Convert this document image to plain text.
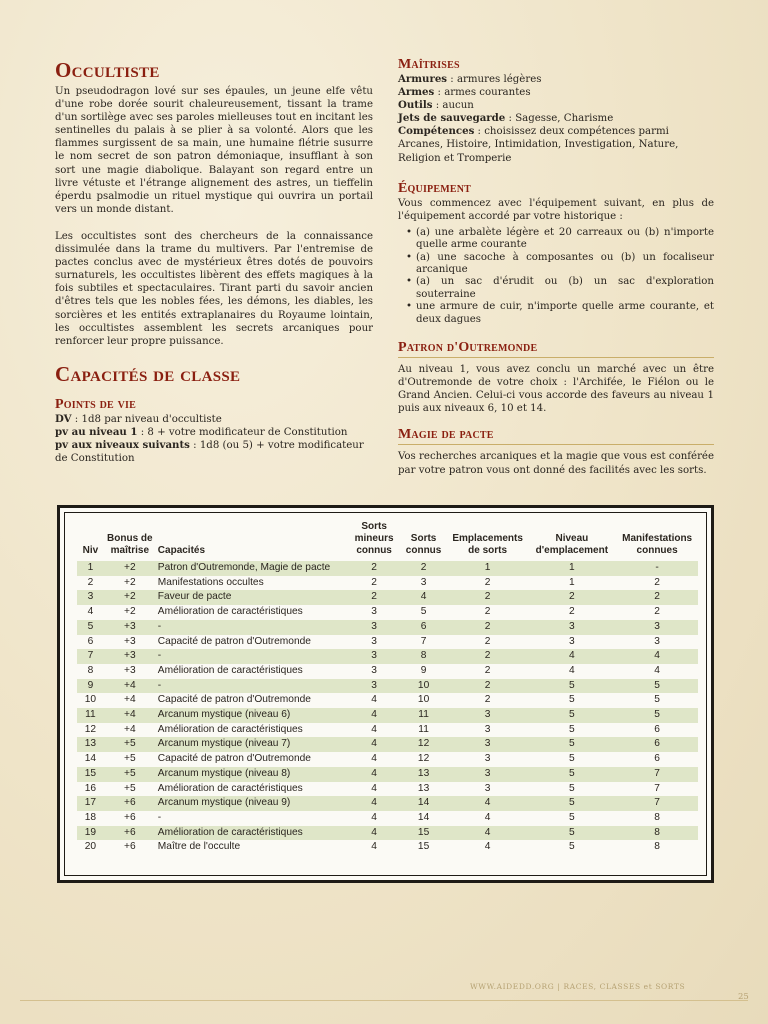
Occultiste

Un pseudodragon lové sur ses épaules, un jeune elfe vêtu d'une robe dorée sourit chaleureusement, tissant la trame d'un sortilège avec ses paroles mielleuses tout en incitant les sentinelles du palais à se plier à sa volonté. Alors que les flammes surgissent de sa main, une humaine flétrie susurre le nom secret de son patron démoniaque, insufflant à son sort une magie diabolique. Balayant son regard entre un livre vétuste et l'étrange alignement des astres, un tieffelin éperdu psalmodie un rituel mystique qui ouvrira un portail vers un monde distant.

Les occultistes sont des chercheurs de la connaissance dissimulée dans la trame du multivers. Par l'entremise de pactes conclus avec de mystérieux êtres dotés de pouvoirs surnaturels, les occultistes libèrent des effets magiques à la fois subtiles et spectaculaires. Tirant parti du savoir ancien d'êtres tels que les nobles fées, les démons, les diables, les sorcières et les entités extraplanaires du Royaume lointain, les occultistes assemblent les secrets arcaniques pour renforcer leur propre puissance.

Capacités de classe
Points de vie

DV : 1d8 par niveau d'occultiste

pv au niveau 1 : 8 + votre modificateur de Constitution

pv aux niveaux suivants : 1d8 (ou 5) + votre modificateur de Constitution

Maîtrises

Armures : armures légères

Armes : armes courantes

Outils : aucun

Jets de sauvegarde : Sagesse, Charisme

Compétences : choisissez deux compétences parmi Arcanes, Histoire, Intimidation, Investigation, Nature, Religion et Tromperie

Équipement

Vous commencez avec l'équipement suivant, en plus de l'équipement accordé par votre historique :

• (a) une arbalète légère et 20 carreaux ou (b) n'importe quelle arme courante
• (a) une sacoche à composantes ou (b) un focaliseur arcanique
• (a) un sac d'érudit ou (b) un sac d'exploration souterraine
• une armure de cuir, n'importe quelle arme courante, et deux dagues
Patron d'Outremonde

Au niveau 1, vous avez conclu un marché avec un être d'Outremonde de votre choix : l'Archifée, le Fiélon ou le Grand Ancien. Celui-ci vous accorde des faveurs au niveau 1 puis aux niveaux 6, 10 et 14.

Magie de pacte

Vos recherches arcaniques et la magie que vous est conférée par votre patron vous ont donné des facilités avec les sorts.

Niv	Bonus de maîtrise	Capacités	Sorts mineurs connus	Sorts connus	Emplacements de sorts	Niveau d'emplacement	Manifestations connues
1	+2	Patron d'Outremonde, Magie de pacte	2	2	1	1	-
2	+2	Manifestations occultes	2	3	2	1	2
3	+2	Faveur de pacte	2	4	2	2	2
4	+2	Amélioration de caractéristiques	3	5	2	2	2
5	+3	-	3	6	2	3	3
6	+3	Capacité de patron d'Outremonde	3	7	2	3	3
7	+3	-	3	8	2	4	4
8	+3	Amélioration de caractéristiques	3	9	2	4	4
9	+4	-	3	10	2	5	5
10	+4	Capacité de patron d'Outremonde	4	10	2	5	5
11	+4	Arcanum mystique (niveau 6)	4	11	3	5	5
12	+4	Amélioration de caractéristiques	4	11	3	5	6
13	+5	Arcanum mystique (niveau 7)	4	12	3	5	6
14	+5	Capacité de patron d'Outremonde	4	12	3	5	6
15	+5	Arcanum mystique (niveau 8)	4	13	3	5	7
16	+5	Amélioration de caractéristiques	4	13	3	5	7
17	+6	Arcanum mystique (niveau 9)	4	14	4	5	7
18	+6	-	4	14	4	5	8
19	+6	Amélioration de caractéristiques	4	15	4	5	8
20	+6	Maître de l'occulte	4	15	4	5	8
WWW.AIDEDD.ORG | RACES, CLASSES et SORTS
25
